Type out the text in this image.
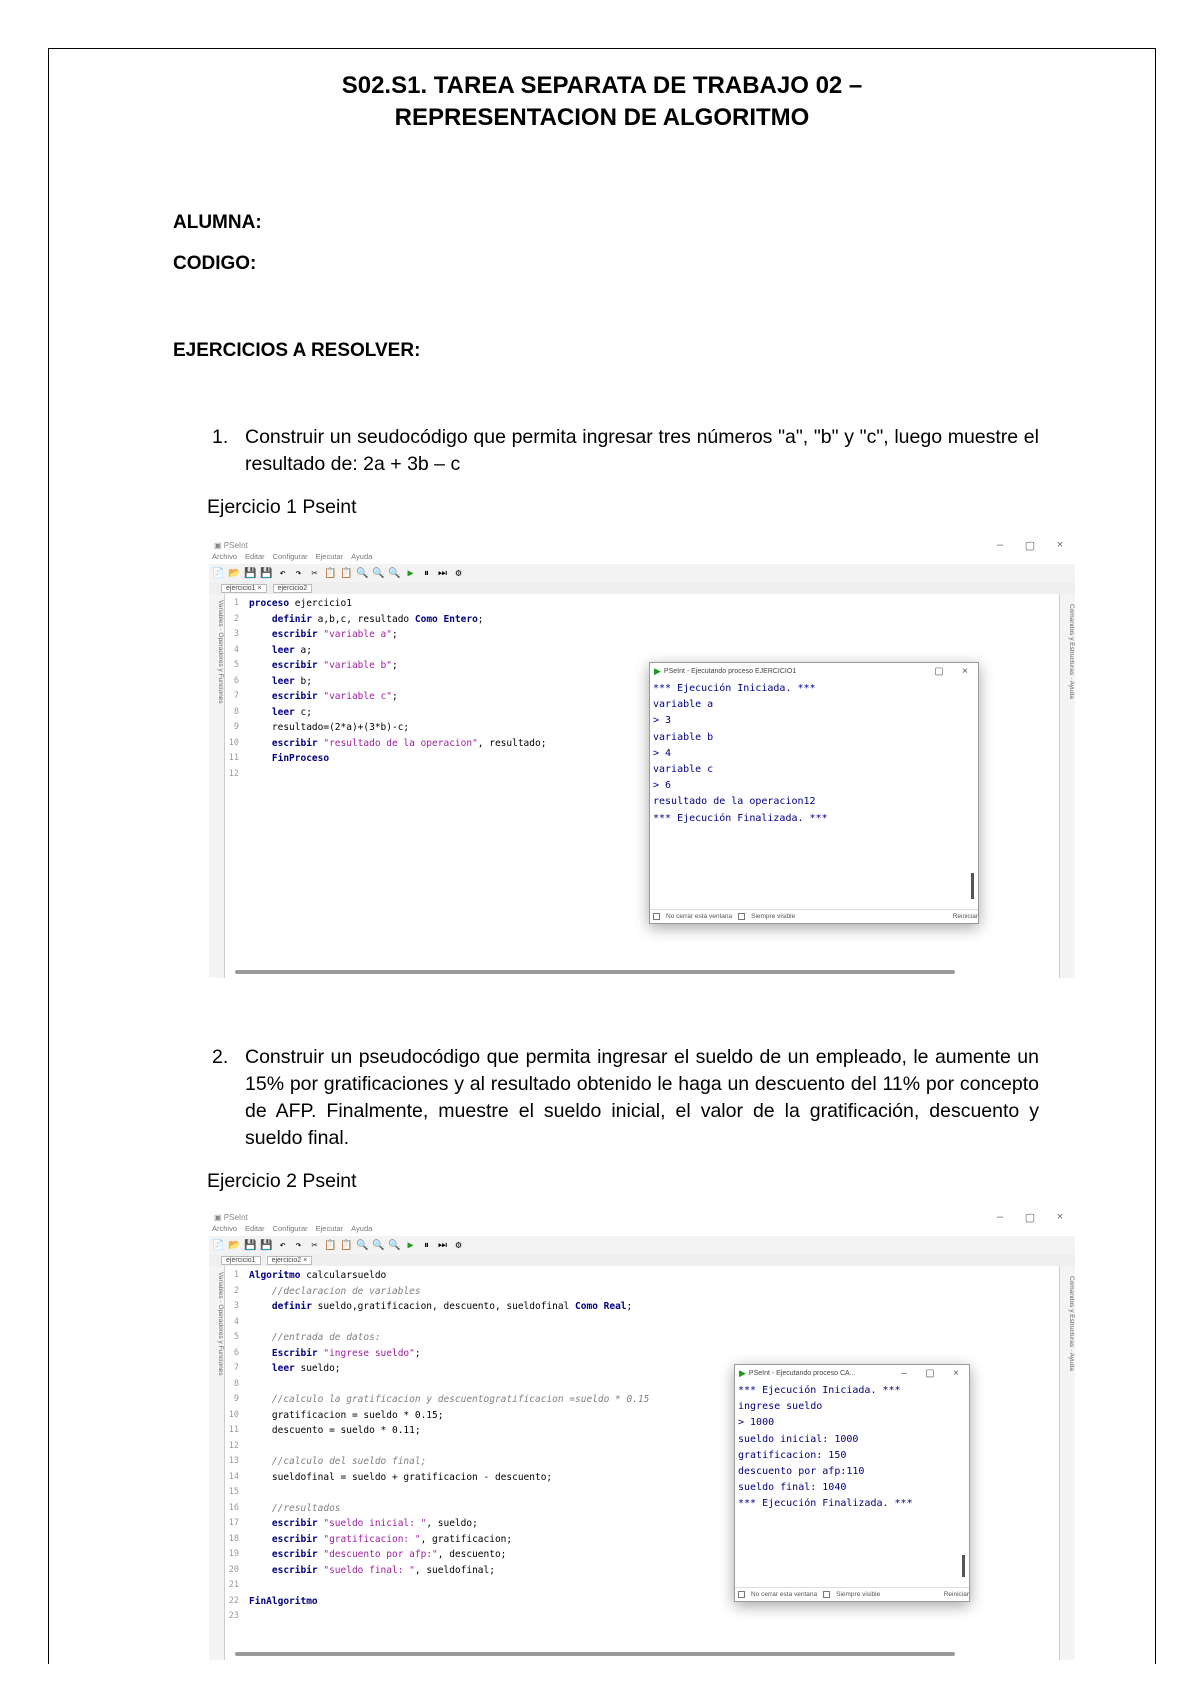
S02.S1. TAREA SEPARATA DE TRABAJO 02 –
REPRESENTACION DE ALGORITMO
ALUMNA:
CODIGO:
EJERCICIOS A RESOLVER:
1. Construir un seudocódigo que permita ingresar tres números "a", "b" y "c", luego muestre el resultado de: 2a + 3b – c
Ejercicio 1 Pseint
▣ PSeInt	–	▢	×
Archivo Editar Configurar Ejecutar Ayuda
📄 📂 💾 💾 ↶ ↷ ✂ 📋 📋 🔍 🔍 🔍 ▶	⏸ ⏭ ⚙
ejercicio1 ×	ejercicio2
Variables · Operadores y Funciones	Comandos y Estructuras · Ayuda
1	proceso ejercicio1
2	definir a,b,c, resultado Como Entero;
3	escribir "variable a";
4	leer a;
5	escribir "variable b";
6	leer b;
7	escribir "variable c";
8	leer c;
9	resultado=(2*a)+(3*b)-c;
10	escribir "resultado de la operacion", resultado;
11	FinProceso
12
▶ PSeInt - Ejecutando proceso EJERCICIO1	▢	×
*** Ejecución Iniciada. ***
variable a
> 3
variable b
> 4
variable c
> 6
resultado de la operacion12
*** Ejecución Finalizada. ***
No cerrar esta ventana	Siempre visible	Reiniciar
2. Construir un pseudocódigo que permita ingresar el sueldo de un empleado, le aumente un 15% por gratificaciones y al resultado obtenido le haga un descuento del 11% por concepto de AFP. Finalmente, muestre el sueldo inicial, el valor de la gratificación, descuento y sueldo final.
Ejercicio 2 Pseint
▣ PSeInt	–	▢	×
Archivo Editar Configurar Ejecutar Ayuda
📄 📂 💾 💾 ↶ ↷ ✂ 📋 📋 🔍 🔍 🔍 ▶	⏸ ⏭ ⚙
ejercicio1	ejercicio2 ×
Variables · Operadores y Funciones	Comandos y Estructuras · Ayuda
1	Algoritmo calcularsueldo
2	//declaracion de variables
3	definir sueldo,gratificacion, descuento, sueldofinal Como Real;
4
5	//entrada de datos:
6	Escribir "ingrese sueldo";
7	leer sueldo;
8
9	//calculo la gratificacion y descuentogratificacion =sueldo * 0.15
10	gratificacion = sueldo * 0.15;
11	descuento = sueldo * 0.11;
12
13	//calculo del sueldo final;
14	sueldofinal = sueldo + gratificacion - descuento;
15
16	//resultados
17	escribir "sueldo inicial: ", sueldo;
18	escribir "gratificacion: ", gratificacion;
19	escribir "descuento por afp:", descuento;
20	escribir "sueldo final: ", sueldofinal;
21
22	FinAlgoritmo
23
▶ PSeInt - Ejecutando proceso CA...	–	▢	×
*** Ejecución Iniciada. ***
ingrese sueldo
> 1000
sueldo inicial: 1000
gratificacion: 150
descuento por afp:110
sueldo final: 1040
*** Ejecución Finalizada. ***
No cerrar esta ventana	Siempre visible	Reiniciar
